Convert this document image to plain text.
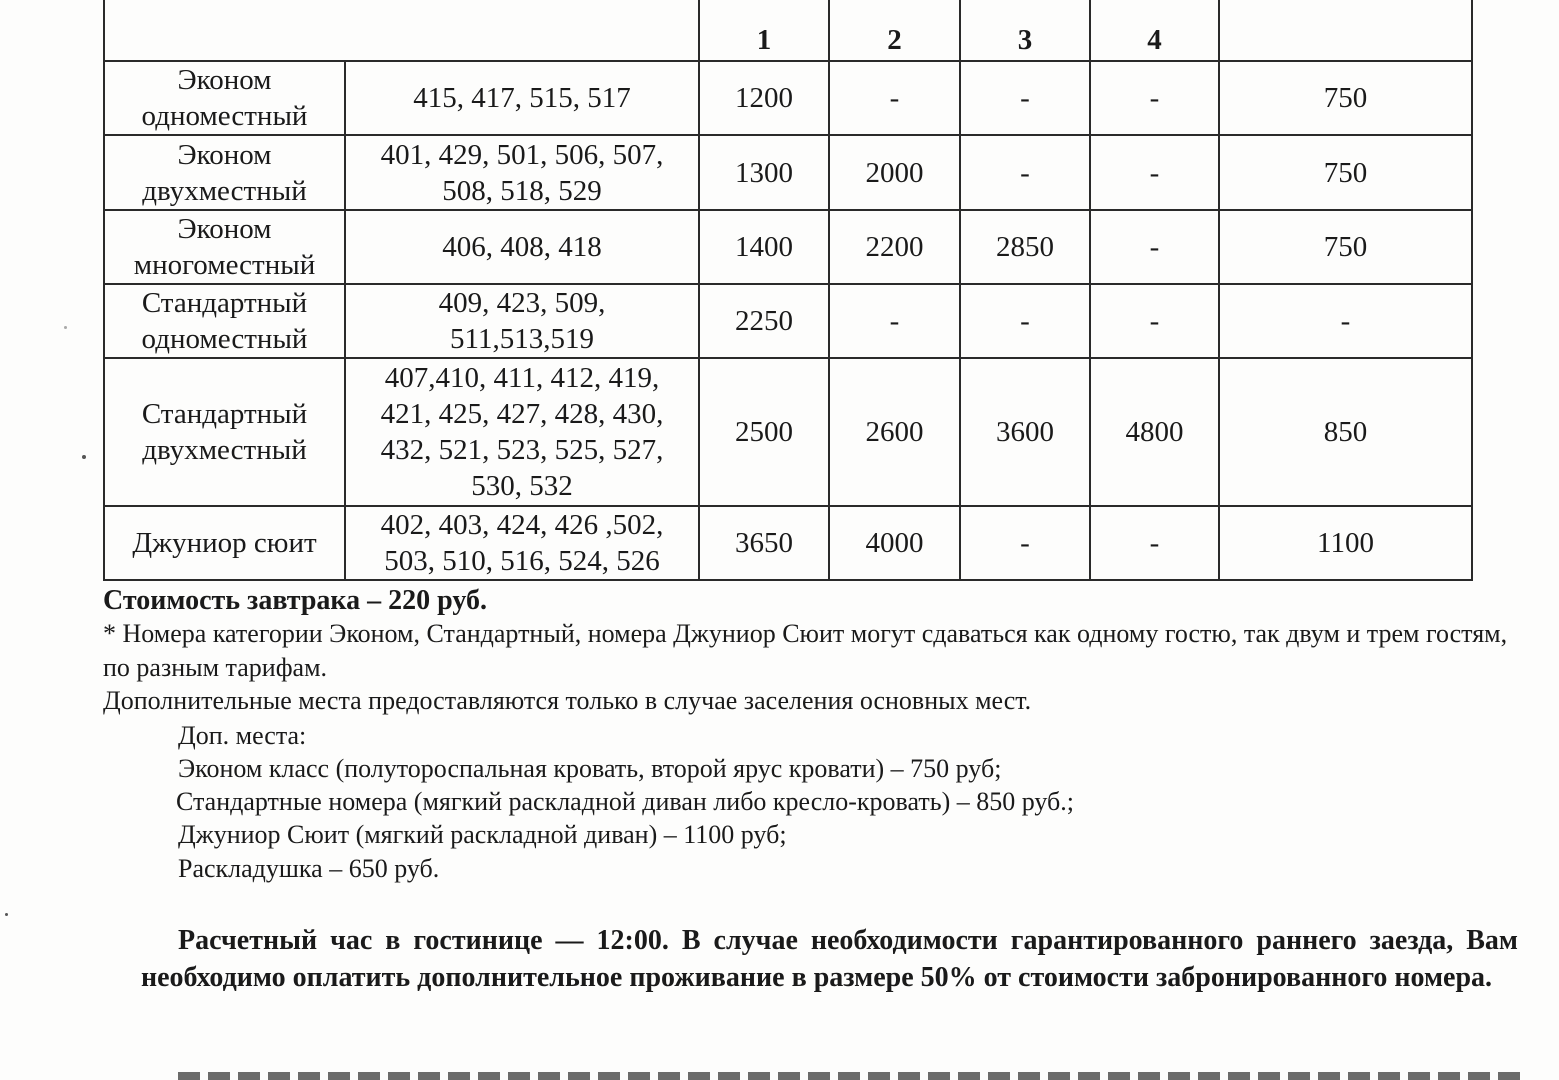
		1	2	3	4	

Эконом
одноместный	415, 417, 515, 517	1200	-	-	-	750

Эконом
двухместный	401, 429, 501, 506, 507,
508, 518, 529	1300	2000	-	-	750

Эконом
многоместный	406, 408, 418	1400	2200	2850	-	750

Стандартный
одноместный	409, 423, 509,
511,513,519	2250	-	-	-	-

Стандартный
двухместный	407,410, 411, 412, 419,
421, 425, 427, 428, 430,
432, 521, 523, 525, 527,
530, 532	2500	2600	3600	4800	850

Джуниор сюит	402, 403, 424, 426 ,502,
503, 510, 516, 524, 526	3650	4000	-	-	1100
Стоимость завтрака – 220 руб.
* Номера категории Эконом, Стандартный, номера Джуниор Сюит могут сдаваться как одному гостю, так двум и трем гостям, по разным тарифам.
Дополнительные места предоставляются только в случае заселения основных мест.
Доп. места:
Эконом класс (полутороспальная кровать, второй ярус кровати) – 750 руб;
Стандартные номера (мягкий раскладной диван либо кресло-кровать) – 850 руб.;
Джуниор Сюит (мягкий раскладной диван) – 1100 руб;
Раскладушка – 650 руб.
Расчетный час в гостинице — 12:00. В случае необходимости гарантированного раннего заезда, Вам необходимо оплатить дополнительное проживание в размере 50% от стоимости забронированного номера.
